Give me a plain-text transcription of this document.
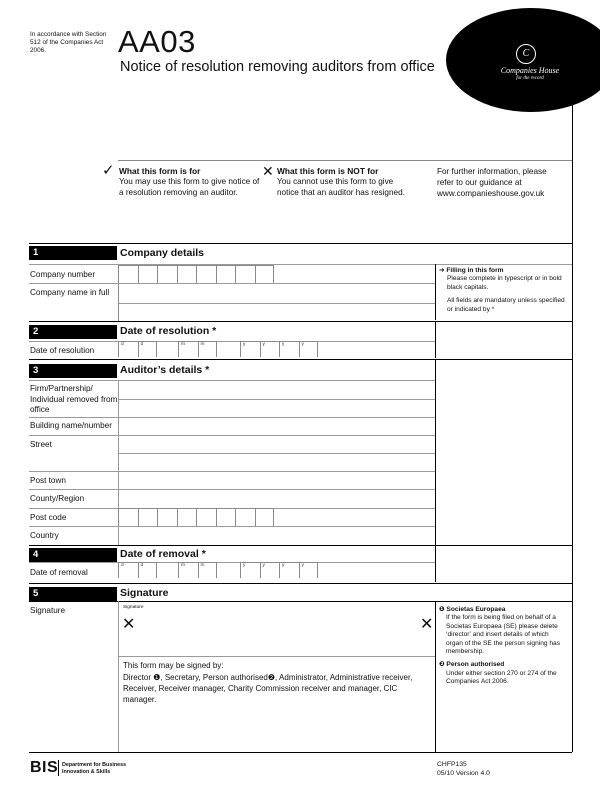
In accordance with Section 512 of the Companies Act 2006.	AA03
Notice of resolution removing auditors from office
C
Companies House
for the record
✓ What this form is for
You may use this form to give notice of a resolution removing an auditor.
✕ What this form is NOT for
You cannot use this form to give notice that an auditor has resigned.
For further information, please refer to our guidance at www.companieshouse.gov.uk
1	Company details
Company number
Company name in full
➜ Filling in this form
Please complete in typescript or in bold black capitals.
All fields are mandatory unless specified or indicated by *
2	Date of resolution *
Date of resolution
d	d	m	m	y	y	y	y
3	Auditor’s details *
Firm/Partnership/ Individual removed from office
Building name/number
Street
Post town
County/Region
Post code
Country
4	Date of removal *
Date of removal
d	d	m	m	y	y	y	y
5	Signature
Signature	Signature
✕	✕
This form may be signed by:
Director ❶, Secretary, Person authorised❷, Administrator, Administrative receiver, Receiver, Receiver manager, Charity Commission receiver and manager, CIC manager.
❶ Societas Europaea
If the form is being filed on behalf of a Societas Europaea (SE) please delete ‘director’ and insert details of which organ of the SE the person signing has membership.
❷ Person authorised
Under either section 270 or 274 of the Companies Act 2006.
BIS Department for Business Innovation & Skills
CHFP135
05/10 Version 4.0
